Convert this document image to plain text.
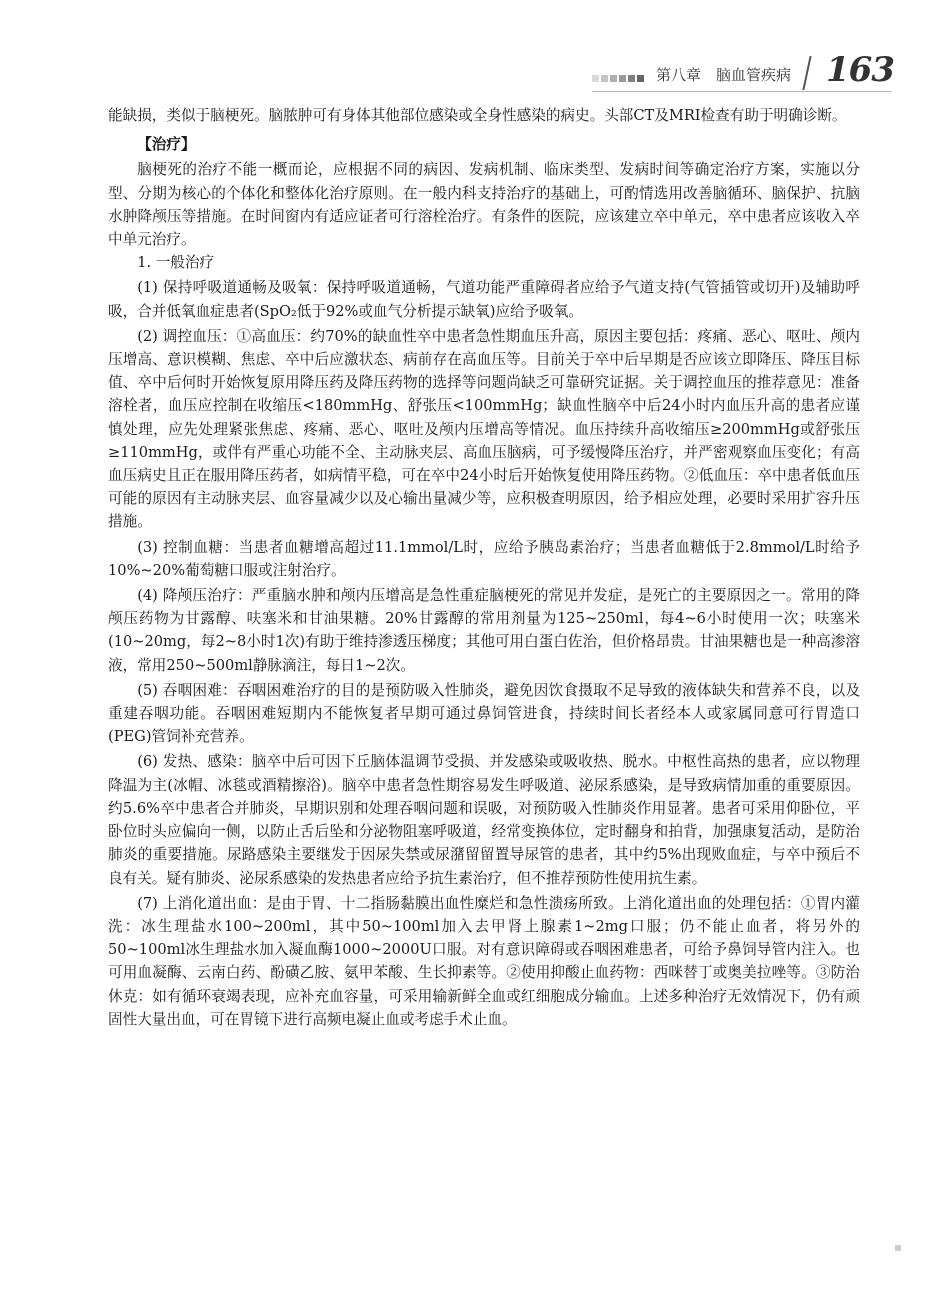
第八章　脑血管疾病 163

能缺损，类似于脑梗死。脑脓肿可有身体其他部位感染或全身性感染的病史。头部CT及MRI检查有助于明确诊断。

【治疗】

脑梗死的治疗不能一概而论，应根据不同的病因、发病机制、临床类型、发病时间等确定治疗方案，实施以分型、分期为核心的个体化和整体化治疗原则。在一般内科支持治疗的基础上，可酌情选用改善脑循环、脑保护、抗脑水肿降颅压等措施。在时间窗内有适应证者可行溶栓治疗。有条件的医院，应该建立卒中单元，卒中患者应该收入卒中单元治疗。

1. 一般治疗

(1) 保持呼吸道通畅及吸氧：保持呼吸道通畅，气道功能严重障碍者应给予气道支持(气管插管或切开)及辅助呼吸，合并低氧血症患者(SpO₂低于92%或血气分析提示缺氧)应给予吸氧。

(2) 调控血压：①高血压：约70%的缺血性卒中患者急性期血压升高，原因主要包括：疼痛、恶心、呕吐、颅内压增高、意识模糊、焦虑、卒中后应激状态、病前存在高血压等。目前关于卒中后早期是否应该立即降压、降压目标值、卒中后何时开始恢复原用降压药及降压药物的选择等问题尚缺乏可靠研究证据。关于调控血压的推荐意见：准备溶栓者，血压应控制在收缩压<180mmHg、舒张压<100mmHg；缺血性脑卒中后24小时内血压升高的患者应谨慎处理，应先处理紧张焦虑、疼痛、恶心、呕吐及颅内压增高等情况。血压持续升高收缩压≥200mmHg或舒张压≥110mmHg，或伴有严重心功能不全、主动脉夹层、高血压脑病，可予缓慢降压治疗，并严密观察血压变化；有高血压病史且正在服用降压药者，如病情平稳，可在卒中24小时后开始恢复使用降压药物。②低血压：卒中患者低血压可能的原因有主动脉夹层、血容量减少以及心输出量减少等，应积极查明原因，给予相应处理，必要时采用扩容升压措施。

(3) 控制血糖：当患者血糖增高超过11.1mmol/L时，应给予胰岛素治疗；当患者血糖低于2.8mmol/L时给予10%~20%葡萄糖口服或注射治疗。

(4) 降颅压治疗：严重脑水肿和颅内压增高是急性重症脑梗死的常见并发症，是死亡的主要原因之一。常用的降颅压药物为甘露醇、呋塞米和甘油果糖。20%甘露醇的常用剂量为125~250ml，每4~6小时使用一次；呋塞米(10~20mg，每2~8小时1次)有助于维持渗透压梯度；其他可用白蛋白佐治，但价格昂贵。甘油果糖也是一种高渗溶液，常用250~500ml静脉滴注，每日1~2次。

(5) 吞咽困难：吞咽困难治疗的目的是预防吸入性肺炎，避免因饮食摄取不足导致的液体缺失和营养不良，以及重建吞咽功能。吞咽困难短期内不能恢复者早期可通过鼻饲管进食，持续时间长者经本人或家属同意可行胃造口(PEG)管饲补充营养。

(6) 发热、感染：脑卒中后可因下丘脑体温调节受损、并发感染或吸收热、脱水。中枢性高热的患者，应以物理降温为主(冰帽、冰毯或酒精擦浴)。脑卒中患者急性期容易发生呼吸道、泌尿系感染，是导致病情加重的重要原因。约5.6%卒中患者合并肺炎，早期识别和处理吞咽问题和误吸，对预防吸入性肺炎作用显著。患者可采用仰卧位，平卧位时头应偏向一侧，以防止舌后坠和分泌物阻塞呼吸道，经常变换体位，定时翻身和拍背，加强康复活动，是防治肺炎的重要措施。尿路感染主要继发于因尿失禁或尿潴留留置导尿管的患者，其中约5%出现败血症，与卒中预后不良有关。疑有肺炎、泌尿系感染的发热患者应给予抗生素治疗，但不推荐预防性使用抗生素。

(7) 上消化道出血：是由于胃、十二指肠黏膜出血性糜烂和急性溃疡所致。上消化道出血的处理包括：①胃内灌洗：冰生理盐水100~200ml，其中50~100ml加入去甲肾上腺素1~2mg口服；仍不能止血者，将另外的50~100ml冰生理盐水加入凝血酶1000~2000U口服。对有意识障碍或吞咽困难患者，可给予鼻饲导管内注入。也可用血凝酶、云南白药、酚磺乙胺、氨甲苯酸、生长抑素等。②使用抑酸止血药物：西咪替丁或奥美拉唑等。③防治休克：如有循环衰竭表现，应补充血容量，可采用输新鲜全血或红细胞成分输血。上述多种治疗无效情况下，仍有顽固性大量出血，可在胃镜下进行高频电凝止血或考虑手术止血。
